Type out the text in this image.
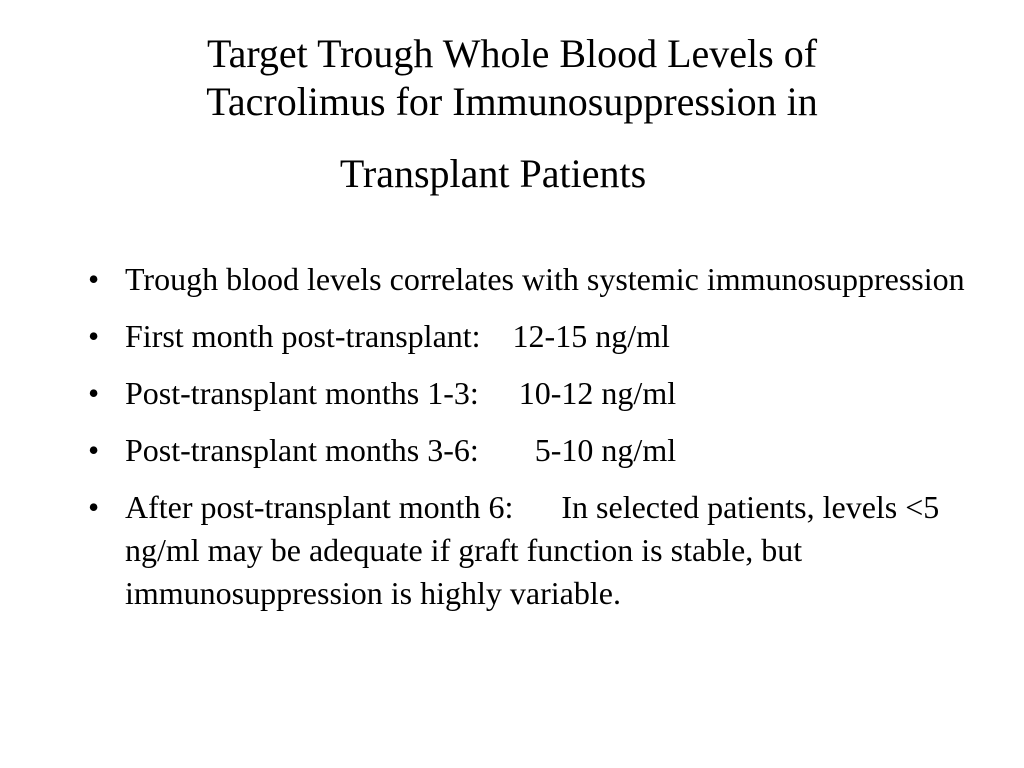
Target Trough Whole Blood Levels of
Tacrolimus for Immunosuppression in
Transplant Patients
• Trough blood levels correlates with systemic immunosuppression
• First month post-transplant:    12-15 ng/ml
• Post-transplant months 1-3:     10-12 ng/ml
• Post-transplant months 3-6:       5-10 ng/ml
• After post-transplant month 6:      In selected patients, levels <5 ng/ml may be adequate if graft function is stable, but immunosuppression is highly variable.
